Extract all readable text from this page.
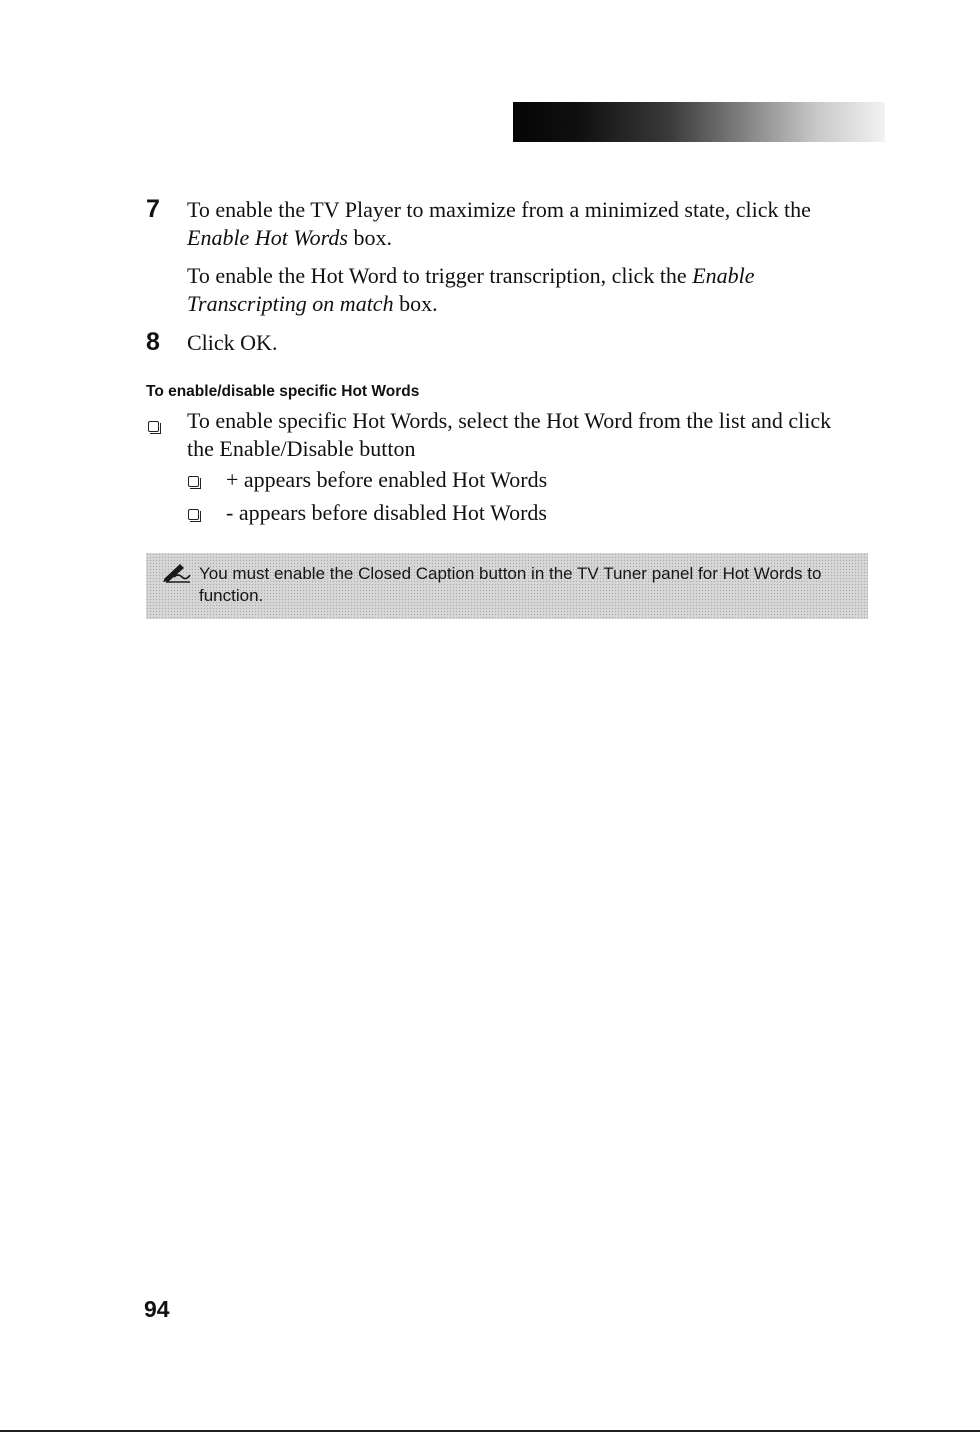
7 To enable the TV Player to maximize from a minimized state, click the
Enable Hot Words box.
To enable the Hot Word to trigger transcription, click the Enable
Transcripting on match box.
8 Click OK.
To enable/disable specific Hot Words
To enable specific Hot Words, select the Hot Word from the list and click the Enable/Disable button
+ appears before enabled Hot Words
- appears before disabled Hot Words
You must enable the Closed Caption button in the TV Tuner panel for Hot Words to function.
94
